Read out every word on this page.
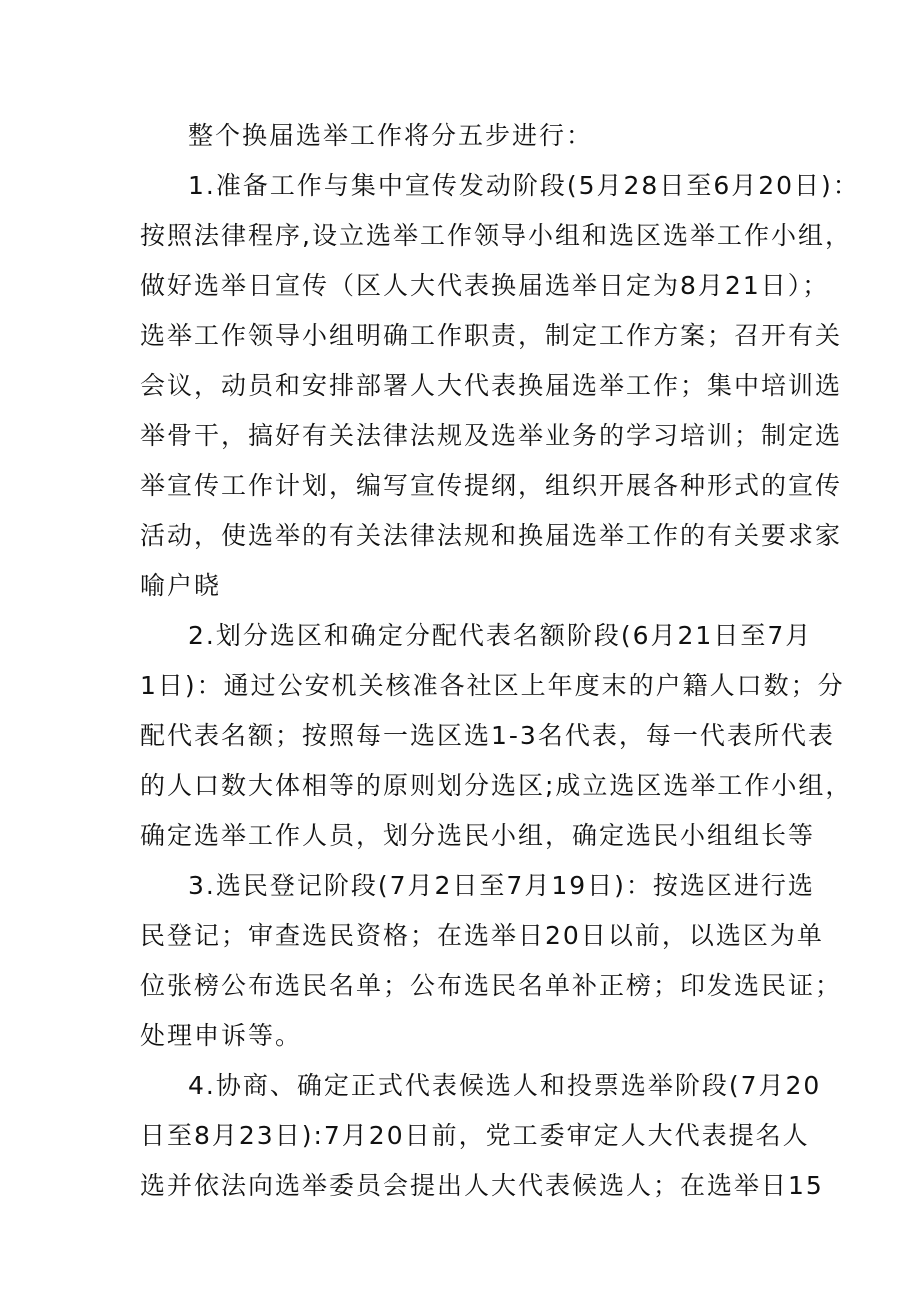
整个换届选举工作将分五步进行：
1.准备工作与集中宣传发动阶段(5月28日至6月20日)：
按照法律程序,设立选举工作领导小组和选区选举工作小组，
做好选举日宣传（区人大代表换届选举日定为8月21日）；
选举工作领导小组明确工作职责，制定工作方案；召开有关
会议，动员和安排部署人大代表换届选举工作；集中培训选
举骨干，搞好有关法律法规及选举业务的学习培训；制定选
举宣传工作计划，编写宣传提纲，组织开展各种形式的宣传
活动，使选举的有关法律法规和换届选举工作的有关要求家
喻户晓
2.划分选区和确定分配代表名额阶段(6月21日至7月
1日)：通过公安机关核准各社区上年度末的户籍人口数；分
配代表名额；按照每一选区选1-3名代表，每一代表所代表
的人口数大体相等的原则划分选区;成立选区选举工作小组，
确定选举工作人员，划分选民小组，确定选民小组组长等
3.选民登记阶段(7月2日至7月19日)：按选区进行选
民登记；审查选民资格；在选举日20日以前，以选区为单
位张榜公布选民名单；公布选民名单补正榜；印发选民证；
处理申诉等。
4.协商、确定正式代表候选人和投票选举阶段(7月20
日至8月23日):7月20日前，党工委审定人大代表提名人
选并依法向选举委员会提出人大代表候选人；在选举日15
